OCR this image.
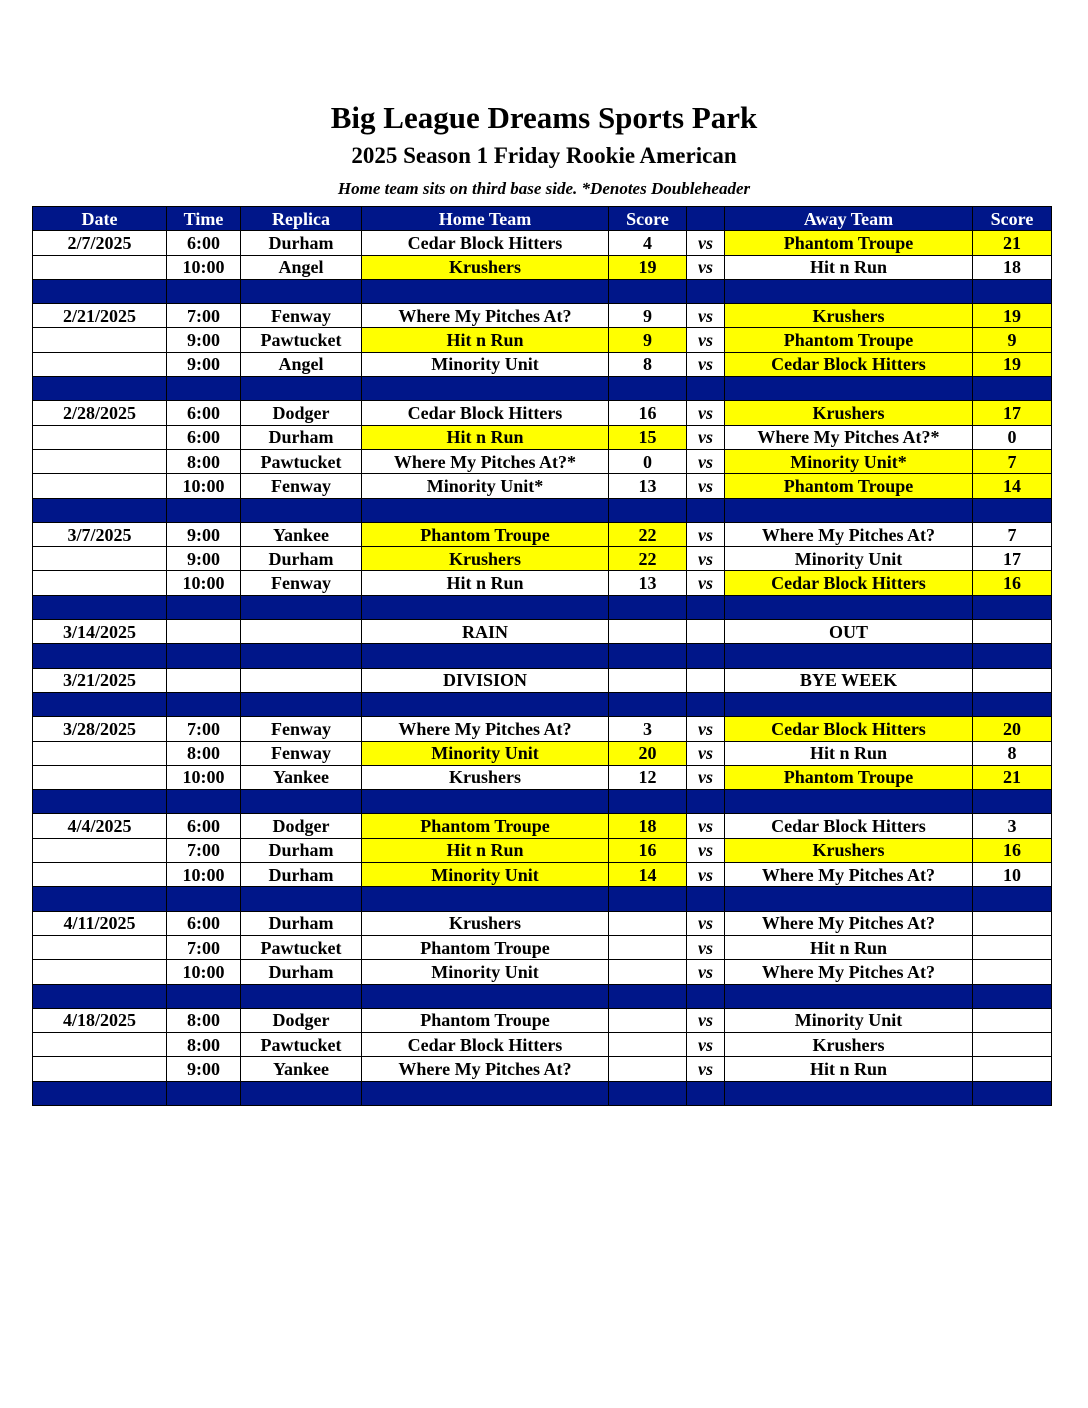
Big League Dreams Sports Park
2025 Season 1 Friday Rookie American

Home team sits on third base side. *Denotes Doubleheader

Date	Time	Replica	Home Team	Score		Away Team	Score
2/7/2025	6:00	Durham	Cedar Block Hitters	4	vs	Phantom Troupe	21
	10:00	Angel	Krushers	19	vs	Hit n Run	18

2/21/2025	7:00	Fenway	Where My Pitches At?	9	vs	Krushers	19
	9:00	Pawtucket	Hit n Run	9	vs	Phantom Troupe	9
	9:00	Angel	Minority Unit	8	vs	Cedar Block Hitters	19

2/28/2025	6:00	Dodger	Cedar Block Hitters	16	vs	Krushers	17
	6:00	Durham	Hit n Run	15	vs	Where My Pitches At?*	0
	8:00	Pawtucket	Where My Pitches At?*	0	vs	Minority Unit*	7
	10:00	Fenway	Minority Unit*	13	vs	Phantom Troupe	14

3/7/2025	9:00	Yankee	Phantom Troupe	22	vs	Where My Pitches At?	7
	9:00	Durham	Krushers	22	vs	Minority Unit	17
	10:00	Fenway	Hit n Run	13	vs	Cedar Block Hitters	16

3/14/2025			RAIN			OUT	

3/21/2025			DIVISION			BYE WEEK	

3/28/2025	7:00	Fenway	Where My Pitches At?	3	vs	Cedar Block Hitters	20
	8:00	Fenway	Minority Unit	20	vs	Hit n Run	8
	10:00	Yankee	Krushers	12	vs	Phantom Troupe	21

4/4/2025	6:00	Dodger	Phantom Troupe	18	vs	Cedar Block Hitters	3
	7:00	Durham	Hit n Run	16	vs	Krushers	16
	10:00	Durham	Minority Unit	14	vs	Where My Pitches At?	10

4/11/2025	6:00	Durham	Krushers		vs	Where My Pitches At?	
	7:00	Pawtucket	Phantom Troupe		vs	Hit n Run	
	10:00	Durham	Minority Unit		vs	Where My Pitches At?	

4/18/2025	8:00	Dodger	Phantom Troupe		vs	Minority Unit	
	8:00	Pawtucket	Cedar Block Hitters		vs	Krushers	
	9:00	Yankee	Where My Pitches At?		vs	Hit n Run	
